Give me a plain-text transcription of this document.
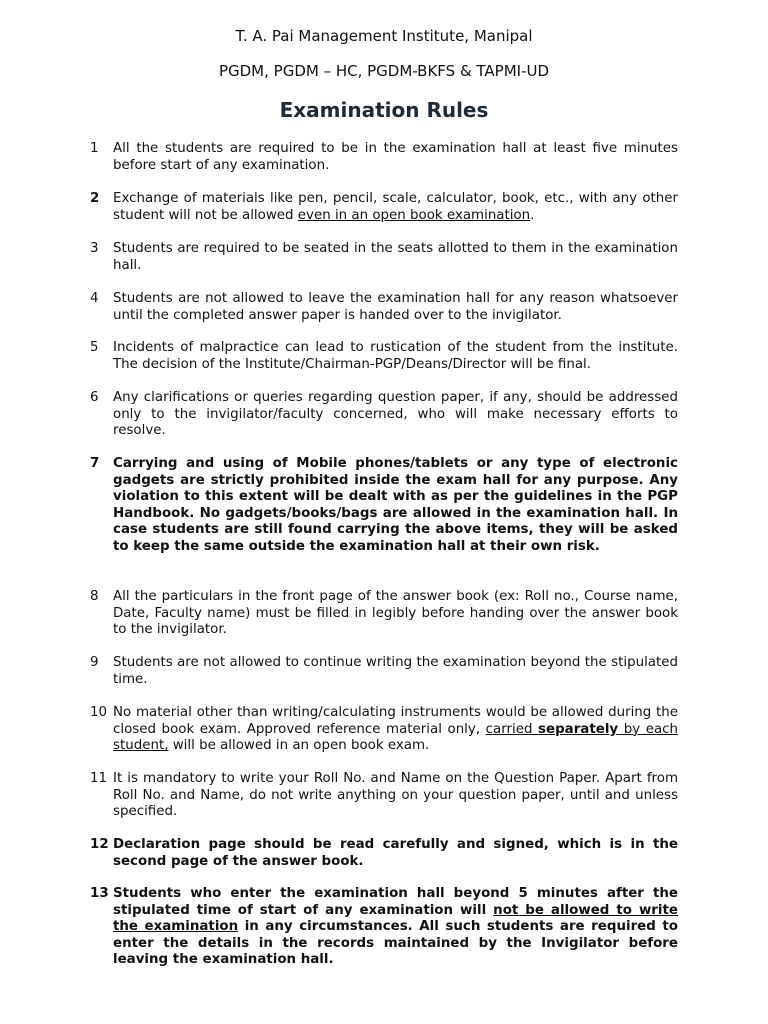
T. A. Pai Management Institute, Manipal
PGDM, PGDM – HC, PGDM-BKFS & TAPMI-UD
Examination Rules
1	All the students are required to be in the examination hall at least five minutes before start of any examination.
2	Exchange of materials like pen, pencil, scale, calculator, book, etc., with any other student will not be allowed even in an open book examination.
3	Students are required to be seated in the seats allotted to them in the examination hall.
4	Students are not allowed to leave the examination hall for any reason whatsoever until the completed answer paper is handed over to the invigilator.
5	Incidents of malpractice can lead to rustication of the student from the institute. The decision of the Institute/Chairman-PGP/Deans/Director will be final.
6	Any clarifications or queries regarding question paper, if any, should be addressed only to the invigilator/faculty concerned, who will make necessary efforts to resolve.
7	Carrying and using of Mobile phones/tablets or any type of electronic gadgets are strictly prohibited inside the exam hall for any purpose. Any violation to this extent will be dealt with as per the guidelines in the PGP Handbook. No gadgets/books/bags are allowed in the examination hall. In case students are still found carrying the above items, they will be asked to keep the same outside the examination hall at their own risk.
8	All the particulars in the front page of the answer book (ex: Roll no., Course name, Date, Faculty name) must be filled in legibly before handing over the answer book to the invigilator.
9	Students are not allowed to continue writing the examination beyond the stipulated time.
10 No material other than writing/calculating instruments would be allowed during the closed book exam. Approved reference material only, carried separately by each student, will be allowed in an open book exam.
11 It is mandatory to write your Roll No. and Name on the Question Paper. Apart from Roll No. and Name, do not write anything on your question paper, until and unless specified.
12 Declaration page should be read carefully and signed, which is in the second page of the answer book.
13 Students who enter the examination hall beyond 5 minutes after the stipulated time of start of any examination will not be allowed to write the examination in any circumstances. All such students are required to enter the details in the records maintained by the Invigilator before leaving the examination hall.
